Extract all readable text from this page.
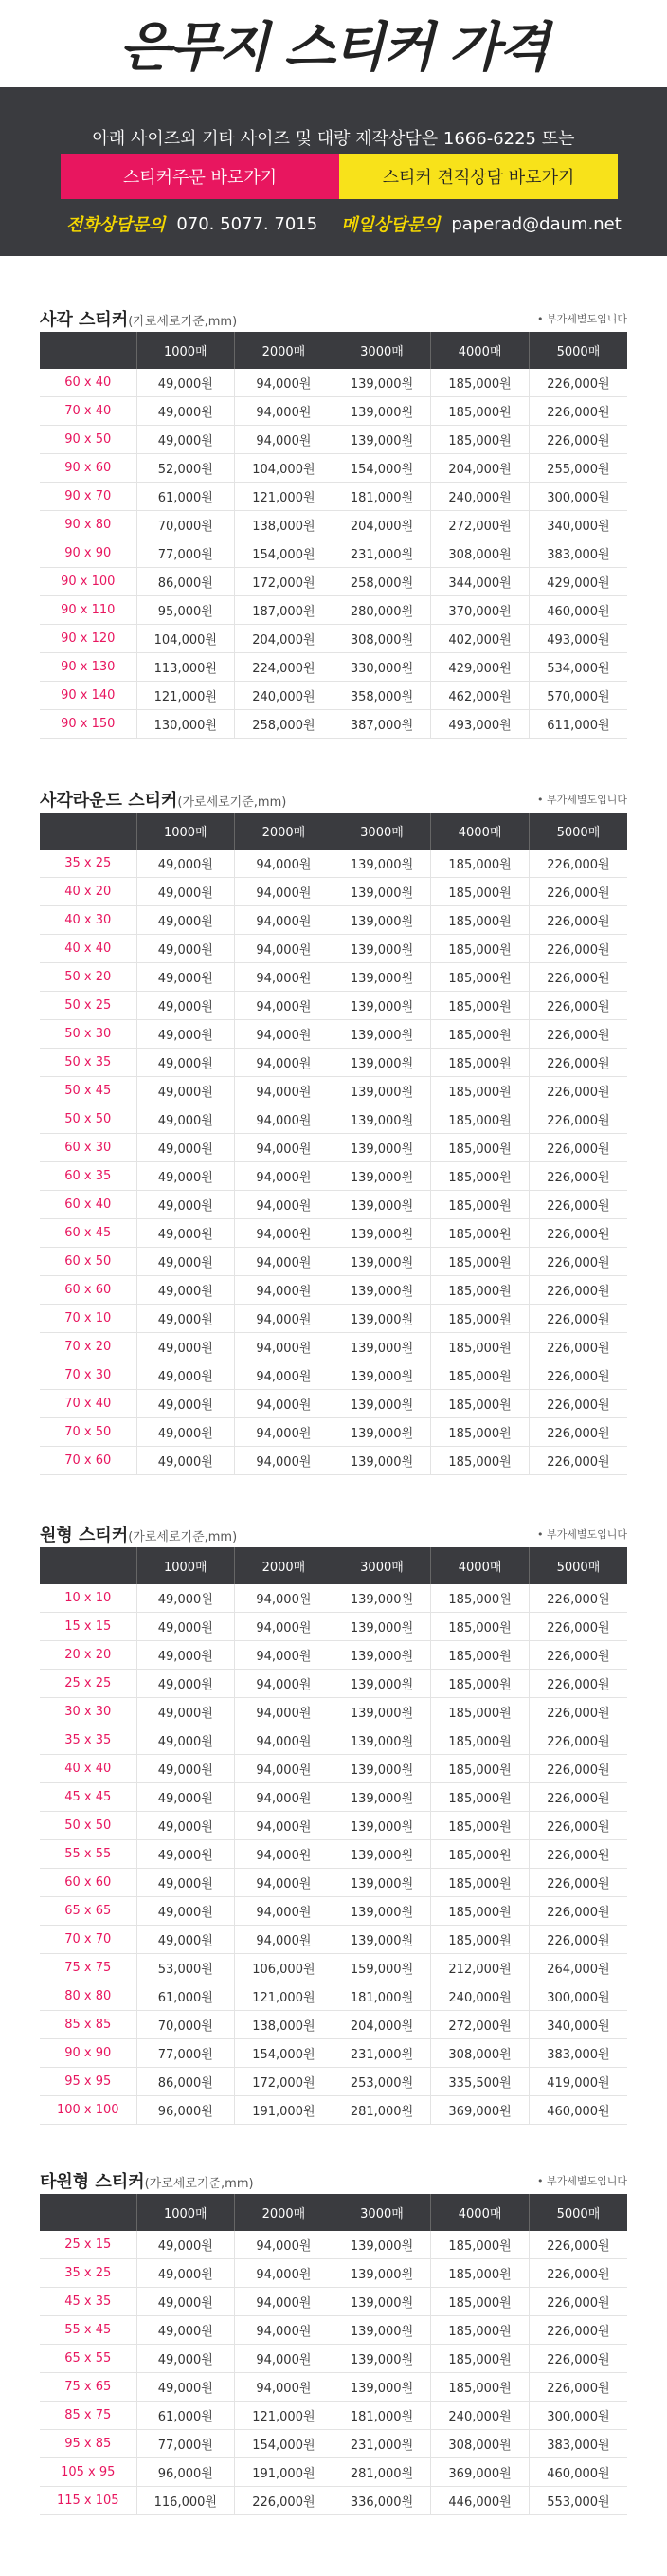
은무지 스티커 가격
아래 사이즈외 기타 사이즈 및 대량 제작상담은 1666-6225 또는
스티커주문 바로가기	스티커 견적상담 바로가기
전화상담문의 070. 5077. 7015 메일상담문의 paperad@daum.net
사각 스티커(가로세로기준,mm)	• 부가세별도입니다
	1000매	2000매	3000매	4000매	5000매
60 x 40	49,000원	94,000원	139,000원	185,000원	226,000원
70 x 40	49,000원	94,000원	139,000원	185,000원	226,000원
90 x 50	49,000원	94,000원	139,000원	185,000원	226,000원
90 x 60	52,000원	104,000원	154,000원	204,000원	255,000원
90 x 70	61,000원	121,000원	181,000원	240,000원	300,000원
90 x 80	70,000원	138,000원	204,000원	272,000원	340,000원
90 x 90	77,000원	154,000원	231,000원	308,000원	383,000원
90 x 100	86,000원	172,000원	258,000원	344,000원	429,000원
90 x 110	95,000원	187,000원	280,000원	370,000원	460,000원
90 x 120	104,000원	204,000원	308,000원	402,000원	493,000원
90 x 130	113,000원	224,000원	330,000원	429,000원	534,000원
90 x 140	121,000원	240,000원	358,000원	462,000원	570,000원
90 x 150	130,000원	258,000원	387,000원	493,000원	611,000원
사각라운드 스티커(가로세로기준,mm)	• 부가세별도입니다
	1000매	2000매	3000매	4000매	5000매
35 x 25	49,000원	94,000원	139,000원	185,000원	226,000원
40 x 20	49,000원	94,000원	139,000원	185,000원	226,000원
40 x 30	49,000원	94,000원	139,000원	185,000원	226,000원
40 x 40	49,000원	94,000원	139,000원	185,000원	226,000원
50 x 20	49,000원	94,000원	139,000원	185,000원	226,000원
50 x 25	49,000원	94,000원	139,000원	185,000원	226,000원
50 x 30	49,000원	94,000원	139,000원	185,000원	226,000원
50 x 35	49,000원	94,000원	139,000원	185,000원	226,000원
50 x 45	49,000원	94,000원	139,000원	185,000원	226,000원
50 x 50	49,000원	94,000원	139,000원	185,000원	226,000원
60 x 30	49,000원	94,000원	139,000원	185,000원	226,000원
60 x 35	49,000원	94,000원	139,000원	185,000원	226,000원
60 x 40	49,000원	94,000원	139,000원	185,000원	226,000원
60 x 45	49,000원	94,000원	139,000원	185,000원	226,000원
60 x 50	49,000원	94,000원	139,000원	185,000원	226,000원
60 x 60	49,000원	94,000원	139,000원	185,000원	226,000원
70 x 10	49,000원	94,000원	139,000원	185,000원	226,000원
70 x 20	49,000원	94,000원	139,000원	185,000원	226,000원
70 x 30	49,000원	94,000원	139,000원	185,000원	226,000원
70 x 40	49,000원	94,000원	139,000원	185,000원	226,000원
70 x 50	49,000원	94,000원	139,000원	185,000원	226,000원
70 x 60	49,000원	94,000원	139,000원	185,000원	226,000원
원형 스티커(가로세로기준,mm)	• 부가세별도입니다
	1000매	2000매	3000매	4000매	5000매
10 x 10	49,000원	94,000원	139,000원	185,000원	226,000원
15 x 15	49,000원	94,000원	139,000원	185,000원	226,000원
20 x 20	49,000원	94,000원	139,000원	185,000원	226,000원
25 x 25	49,000원	94,000원	139,000원	185,000원	226,000원
30 x 30	49,000원	94,000원	139,000원	185,000원	226,000원
35 x 35	49,000원	94,000원	139,000원	185,000원	226,000원
40 x 40	49,000원	94,000원	139,000원	185,000원	226,000원
45 x 45	49,000원	94,000원	139,000원	185,000원	226,000원
50 x 50	49,000원	94,000원	139,000원	185,000원	226,000원
55 x 55	49,000원	94,000원	139,000원	185,000원	226,000원
60 x 60	49,000원	94,000원	139,000원	185,000원	226,000원
65 x 65	49,000원	94,000원	139,000원	185,000원	226,000원
70 x 70	49,000원	94,000원	139,000원	185,000원	226,000원
75 x 75	53,000원	106,000원	159,000원	212,000원	264,000원
80 x 80	61,000원	121,000원	181,000원	240,000원	300,000원
85 x 85	70,000원	138,000원	204,000원	272,000원	340,000원
90 x 90	77,000원	154,000원	231,000원	308,000원	383,000원
95 x 95	86,000원	172,000원	253,000원	335,500원	419,000원
100 x 100	96,000원	191,000원	281,000원	369,000원	460,000원
타원형 스티커(가로세로기준,mm)	• 부가세별도입니다
	1000매	2000매	3000매	4000매	5000매
25 x 15	49,000원	94,000원	139,000원	185,000원	226,000원
35 x 25	49,000원	94,000원	139,000원	185,000원	226,000원
45 x 35	49,000원	94,000원	139,000원	185,000원	226,000원
55 x 45	49,000원	94,000원	139,000원	185,000원	226,000원
65 x 55	49,000원	94,000원	139,000원	185,000원	226,000원
75 x 65	49,000원	94,000원	139,000원	185,000원	226,000원
85 x 75	61,000원	121,000원	181,000원	240,000원	300,000원
95 x 85	77,000원	154,000원	231,000원	308,000원	383,000원
105 x 95	96,000원	191,000원	281,000원	369,000원	460,000원
115 x 105	116,000원	226,000원	336,000원	446,000원	553,000원
